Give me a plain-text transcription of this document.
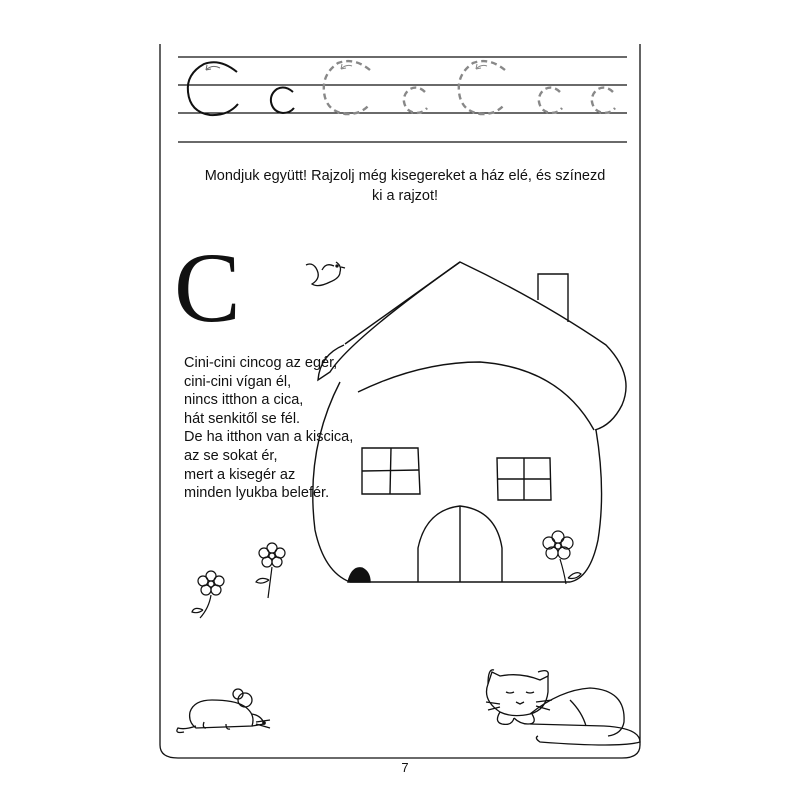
Mondjuk együtt! Rajzolj még kisegereket a ház elé, és színezd
ki a rajzot!
C
Cini-cini cincog az egér,
cini-cini vígan él,
nincs itthon a cica,
hát senkitől se fél.
De ha itthon van a kiscica,
az se sokat ér,
mert a kisegér az
minden lyukba belefér.
7
